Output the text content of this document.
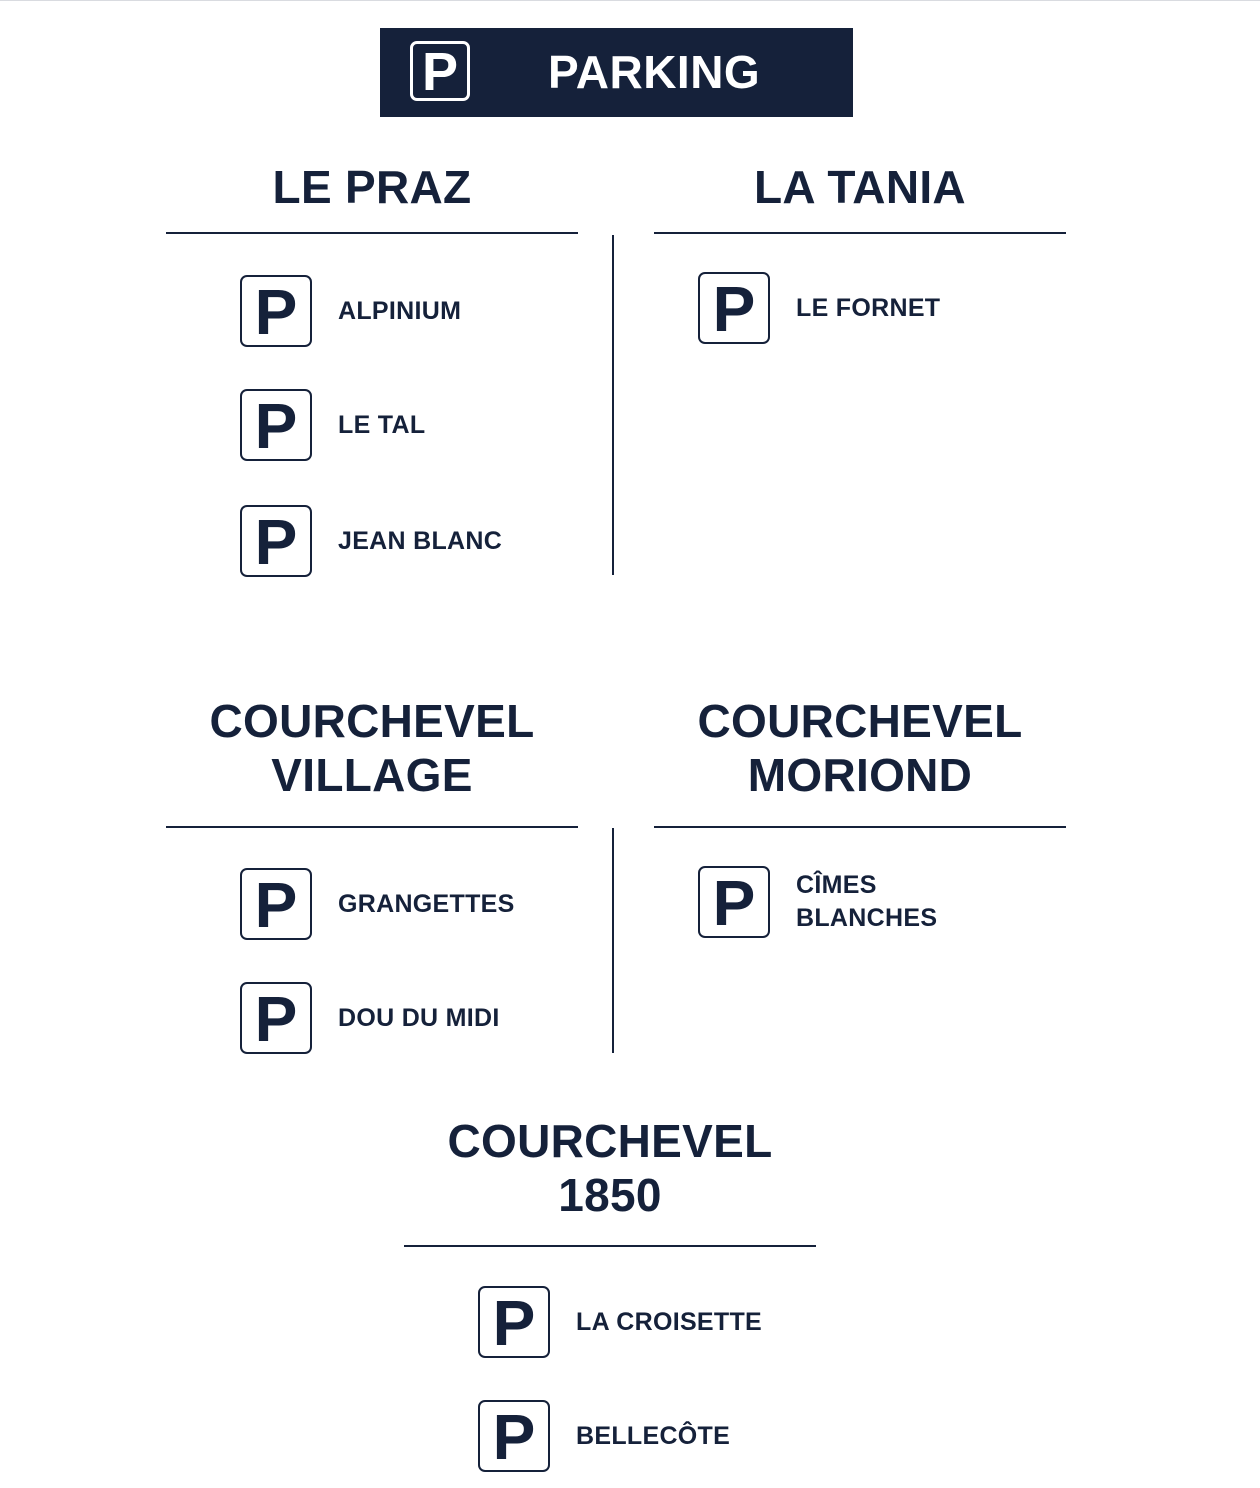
P PARKING
LE PRAZ
P	ALPINIUM
P	LE TAL
P	JEAN BLANC
LA TANIA
P	LE FORNET
COURCHEVEL
VILLAGE
P	GRANGETTES
P	DOU DU MIDI
COURCHEVEL
MORIOND
P	CÎMES
BLANCHES
COURCHEVEL
1850
P	LA CROISETTE
P	BELLECÔTE
